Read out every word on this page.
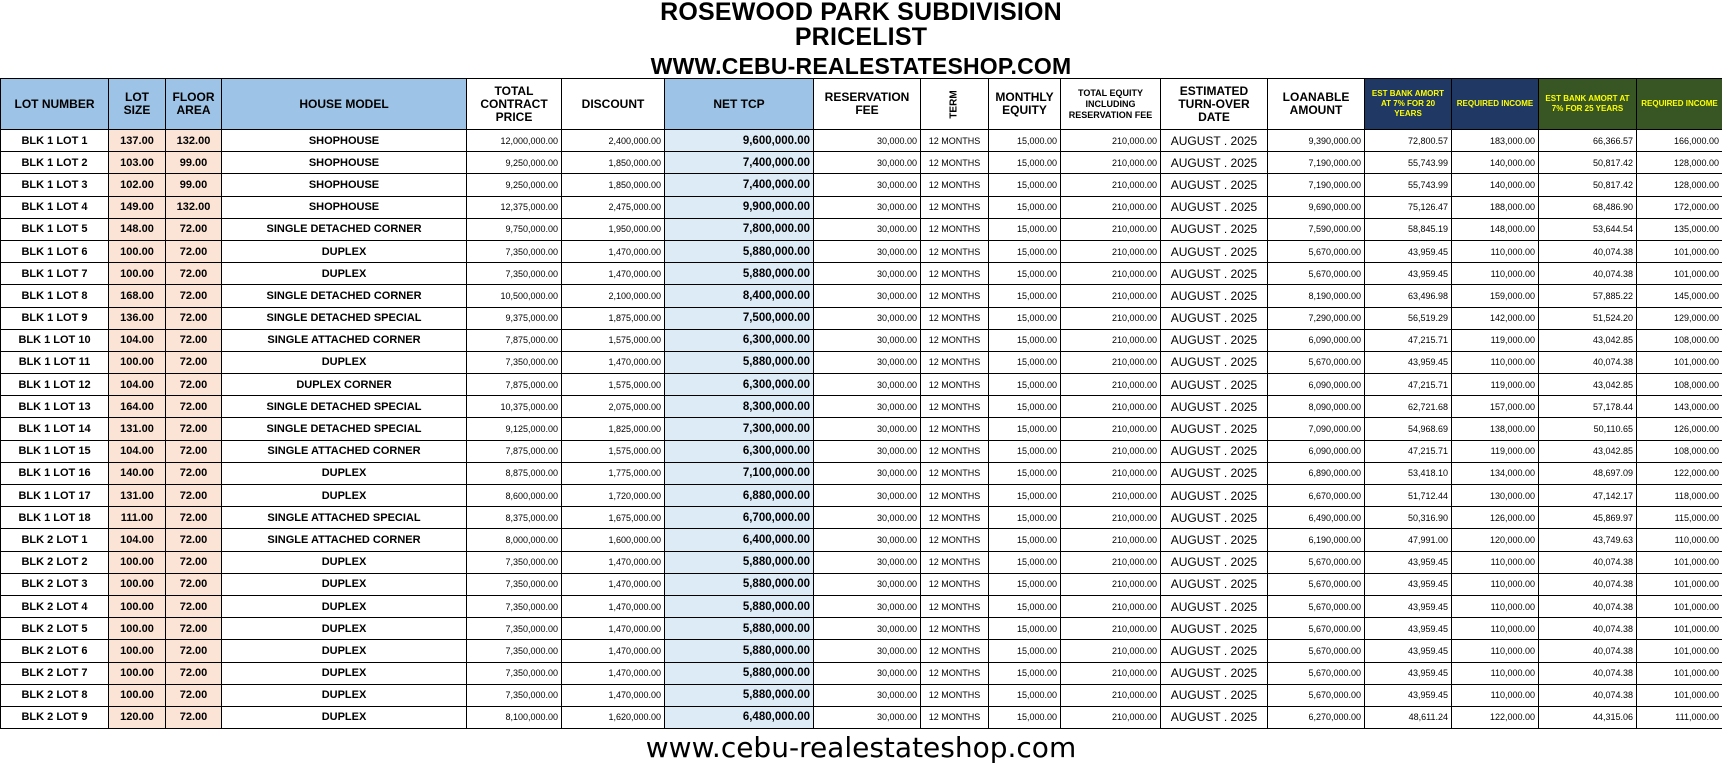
ROSEWOOD PARK SUBDIVISION
PRICELIST
WWW.CEBU-REALESTATESHOP.COM
LOT NUMBER	LOT SIZE	FLOOR AREA	HOUSE MODEL	TOTAL CONTRACT PRICE	DISCOUNT	NET TCP	RESERVATION FEE	TERM	MONTHLY EQUITY	TOTAL EQUITY INCLUDING RESERVATION FEE	ESTIMATED TURN-OVER DATE	LOANABLE AMOUNT	EST BANK AMORT AT 7% FOR 20 YEARS	REQUIRED INCOME	EST BANK AMORT AT 7% FOR 25 YEARS	REQUIRED INCOME
BLK 1 LOT 1	137.00	132.00	SHOPHOUSE	12,000,000.00	2,400,000.00	9,600,000.00	30,000.00	12 MONTHS	15,000.00	210,000.00	AUGUST . 2025	9,390,000.00	72,800.57	183,000.00	66,366.57	166,000.00
BLK 1 LOT 2	103.00	99.00	SHOPHOUSE	9,250,000.00	1,850,000.00	7,400,000.00	30,000.00	12 MONTHS	15,000.00	210,000.00	AUGUST . 2025	7,190,000.00	55,743.99	140,000.00	50,817.42	128,000.00
BLK 1 LOT 3	102.00	99.00	SHOPHOUSE	9,250,000.00	1,850,000.00	7,400,000.00	30,000.00	12 MONTHS	15,000.00	210,000.00	AUGUST . 2025	7,190,000.00	55,743.99	140,000.00	50,817.42	128,000.00
BLK 1 LOT 4	149.00	132.00	SHOPHOUSE	12,375,000.00	2,475,000.00	9,900,000.00	30,000.00	12 MONTHS	15,000.00	210,000.00	AUGUST . 2025	9,690,000.00	75,126.47	188,000.00	68,486.90	172,000.00
BLK 1 LOT 5	148.00	72.00	SINGLE DETACHED CORNER	9,750,000.00	1,950,000.00	7,800,000.00	30,000.00	12 MONTHS	15,000.00	210,000.00	AUGUST . 2025	7,590,000.00	58,845.19	148,000.00	53,644.54	135,000.00
BLK 1 LOT 6	100.00	72.00	DUPLEX	7,350,000.00	1,470,000.00	5,880,000.00	30,000.00	12 MONTHS	15,000.00	210,000.00	AUGUST . 2025	5,670,000.00	43,959.45	110,000.00	40,074.38	101,000.00
BLK 1 LOT 7	100.00	72.00	DUPLEX	7,350,000.00	1,470,000.00	5,880,000.00	30,000.00	12 MONTHS	15,000.00	210,000.00	AUGUST . 2025	5,670,000.00	43,959.45	110,000.00	40,074.38	101,000.00
BLK 1 LOT 8	168.00	72.00	SINGLE DETACHED CORNER	10,500,000.00	2,100,000.00	8,400,000.00	30,000.00	12 MONTHS	15,000.00	210,000.00	AUGUST . 2025	8,190,000.00	63,496.98	159,000.00	57,885.22	145,000.00
BLK 1 LOT 9	136.00	72.00	SINGLE DETACHED SPECIAL	9,375,000.00	1,875,000.00	7,500,000.00	30,000.00	12 MONTHS	15,000.00	210,000.00	AUGUST . 2025	7,290,000.00	56,519.29	142,000.00	51,524.20	129,000.00
BLK 1 LOT 10	104.00	72.00	SINGLE ATTACHED CORNER	7,875,000.00	1,575,000.00	6,300,000.00	30,000.00	12 MONTHS	15,000.00	210,000.00	AUGUST . 2025	6,090,000.00	47,215.71	119,000.00	43,042.85	108,000.00
BLK 1 LOT 11	100.00	72.00	DUPLEX	7,350,000.00	1,470,000.00	5,880,000.00	30,000.00	12 MONTHS	15,000.00	210,000.00	AUGUST . 2025	5,670,000.00	43,959.45	110,000.00	40,074.38	101,000.00
BLK 1 LOT 12	104.00	72.00	DUPLEX CORNER	7,875,000.00	1,575,000.00	6,300,000.00	30,000.00	12 MONTHS	15,000.00	210,000.00	AUGUST . 2025	6,090,000.00	47,215.71	119,000.00	43,042.85	108,000.00
BLK 1 LOT 13	164.00	72.00	SINGLE DETACHED SPECIAL	10,375,000.00	2,075,000.00	8,300,000.00	30,000.00	12 MONTHS	15,000.00	210,000.00	AUGUST . 2025	8,090,000.00	62,721.68	157,000.00	57,178.44	143,000.00
BLK 1 LOT 14	131.00	72.00	SINGLE DETACHED SPECIAL	9,125,000.00	1,825,000.00	7,300,000.00	30,000.00	12 MONTHS	15,000.00	210,000.00	AUGUST . 2025	7,090,000.00	54,968.69	138,000.00	50,110.65	126,000.00
BLK 1 LOT 15	104.00	72.00	SINGLE ATTACHED CORNER	7,875,000.00	1,575,000.00	6,300,000.00	30,000.00	12 MONTHS	15,000.00	210,000.00	AUGUST . 2025	6,090,000.00	47,215.71	119,000.00	43,042.85	108,000.00
BLK 1 LOT 16	140.00	72.00	DUPLEX	8,875,000.00	1,775,000.00	7,100,000.00	30,000.00	12 MONTHS	15,000.00	210,000.00	AUGUST . 2025	6,890,000.00	53,418.10	134,000.00	48,697.09	122,000.00
BLK 1 LOT 17	131.00	72.00	DUPLEX	8,600,000.00	1,720,000.00	6,880,000.00	30,000.00	12 MONTHS	15,000.00	210,000.00	AUGUST . 2025	6,670,000.00	51,712.44	130,000.00	47,142.17	118,000.00
BLK 1 LOT 18	111.00	72.00	SINGLE ATTACHED SPECIAL	8,375,000.00	1,675,000.00	6,700,000.00	30,000.00	12 MONTHS	15,000.00	210,000.00	AUGUST . 2025	6,490,000.00	50,316.90	126,000.00	45,869.97	115,000.00
BLK 2 LOT 1	104.00	72.00	SINGLE ATTACHED CORNER	8,000,000.00	1,600,000.00	6,400,000.00	30,000.00	12 MONTHS	15,000.00	210,000.00	AUGUST . 2025	6,190,000.00	47,991.00	120,000.00	43,749.63	110,000.00
BLK 2 LOT 2	100.00	72.00	DUPLEX	7,350,000.00	1,470,000.00	5,880,000.00	30,000.00	12 MONTHS	15,000.00	210,000.00	AUGUST . 2025	5,670,000.00	43,959.45	110,000.00	40,074.38	101,000.00
BLK 2 LOT 3	100.00	72.00	DUPLEX	7,350,000.00	1,470,000.00	5,880,000.00	30,000.00	12 MONTHS	15,000.00	210,000.00	AUGUST . 2025	5,670,000.00	43,959.45	110,000.00	40,074.38	101,000.00
BLK 2 LOT 4	100.00	72.00	DUPLEX	7,350,000.00	1,470,000.00	5,880,000.00	30,000.00	12 MONTHS	15,000.00	210,000.00	AUGUST . 2025	5,670,000.00	43,959.45	110,000.00	40,074.38	101,000.00
BLK 2 LOT 5	100.00	72.00	DUPLEX	7,350,000.00	1,470,000.00	5,880,000.00	30,000.00	12 MONTHS	15,000.00	210,000.00	AUGUST . 2025	5,670,000.00	43,959.45	110,000.00	40,074.38	101,000.00
BLK 2 LOT 6	100.00	72.00	DUPLEX	7,350,000.00	1,470,000.00	5,880,000.00	30,000.00	12 MONTHS	15,000.00	210,000.00	AUGUST . 2025	5,670,000.00	43,959.45	110,000.00	40,074.38	101,000.00
BLK 2 LOT 7	100.00	72.00	DUPLEX	7,350,000.00	1,470,000.00	5,880,000.00	30,000.00	12 MONTHS	15,000.00	210,000.00	AUGUST . 2025	5,670,000.00	43,959.45	110,000.00	40,074.38	101,000.00
BLK 2 LOT 8	100.00	72.00	DUPLEX	7,350,000.00	1,470,000.00	5,880,000.00	30,000.00	12 MONTHS	15,000.00	210,000.00	AUGUST . 2025	5,670,000.00	43,959.45	110,000.00	40,074.38	101,000.00
BLK 2 LOT 9	120.00	72.00	DUPLEX	8,100,000.00	1,620,000.00	6,480,000.00	30,000.00	12 MONTHS	15,000.00	210,000.00	AUGUST . 2025	6,270,000.00	48,611.24	122,000.00	44,315.06	111,000.00
www.cebu-realestateshop.com
